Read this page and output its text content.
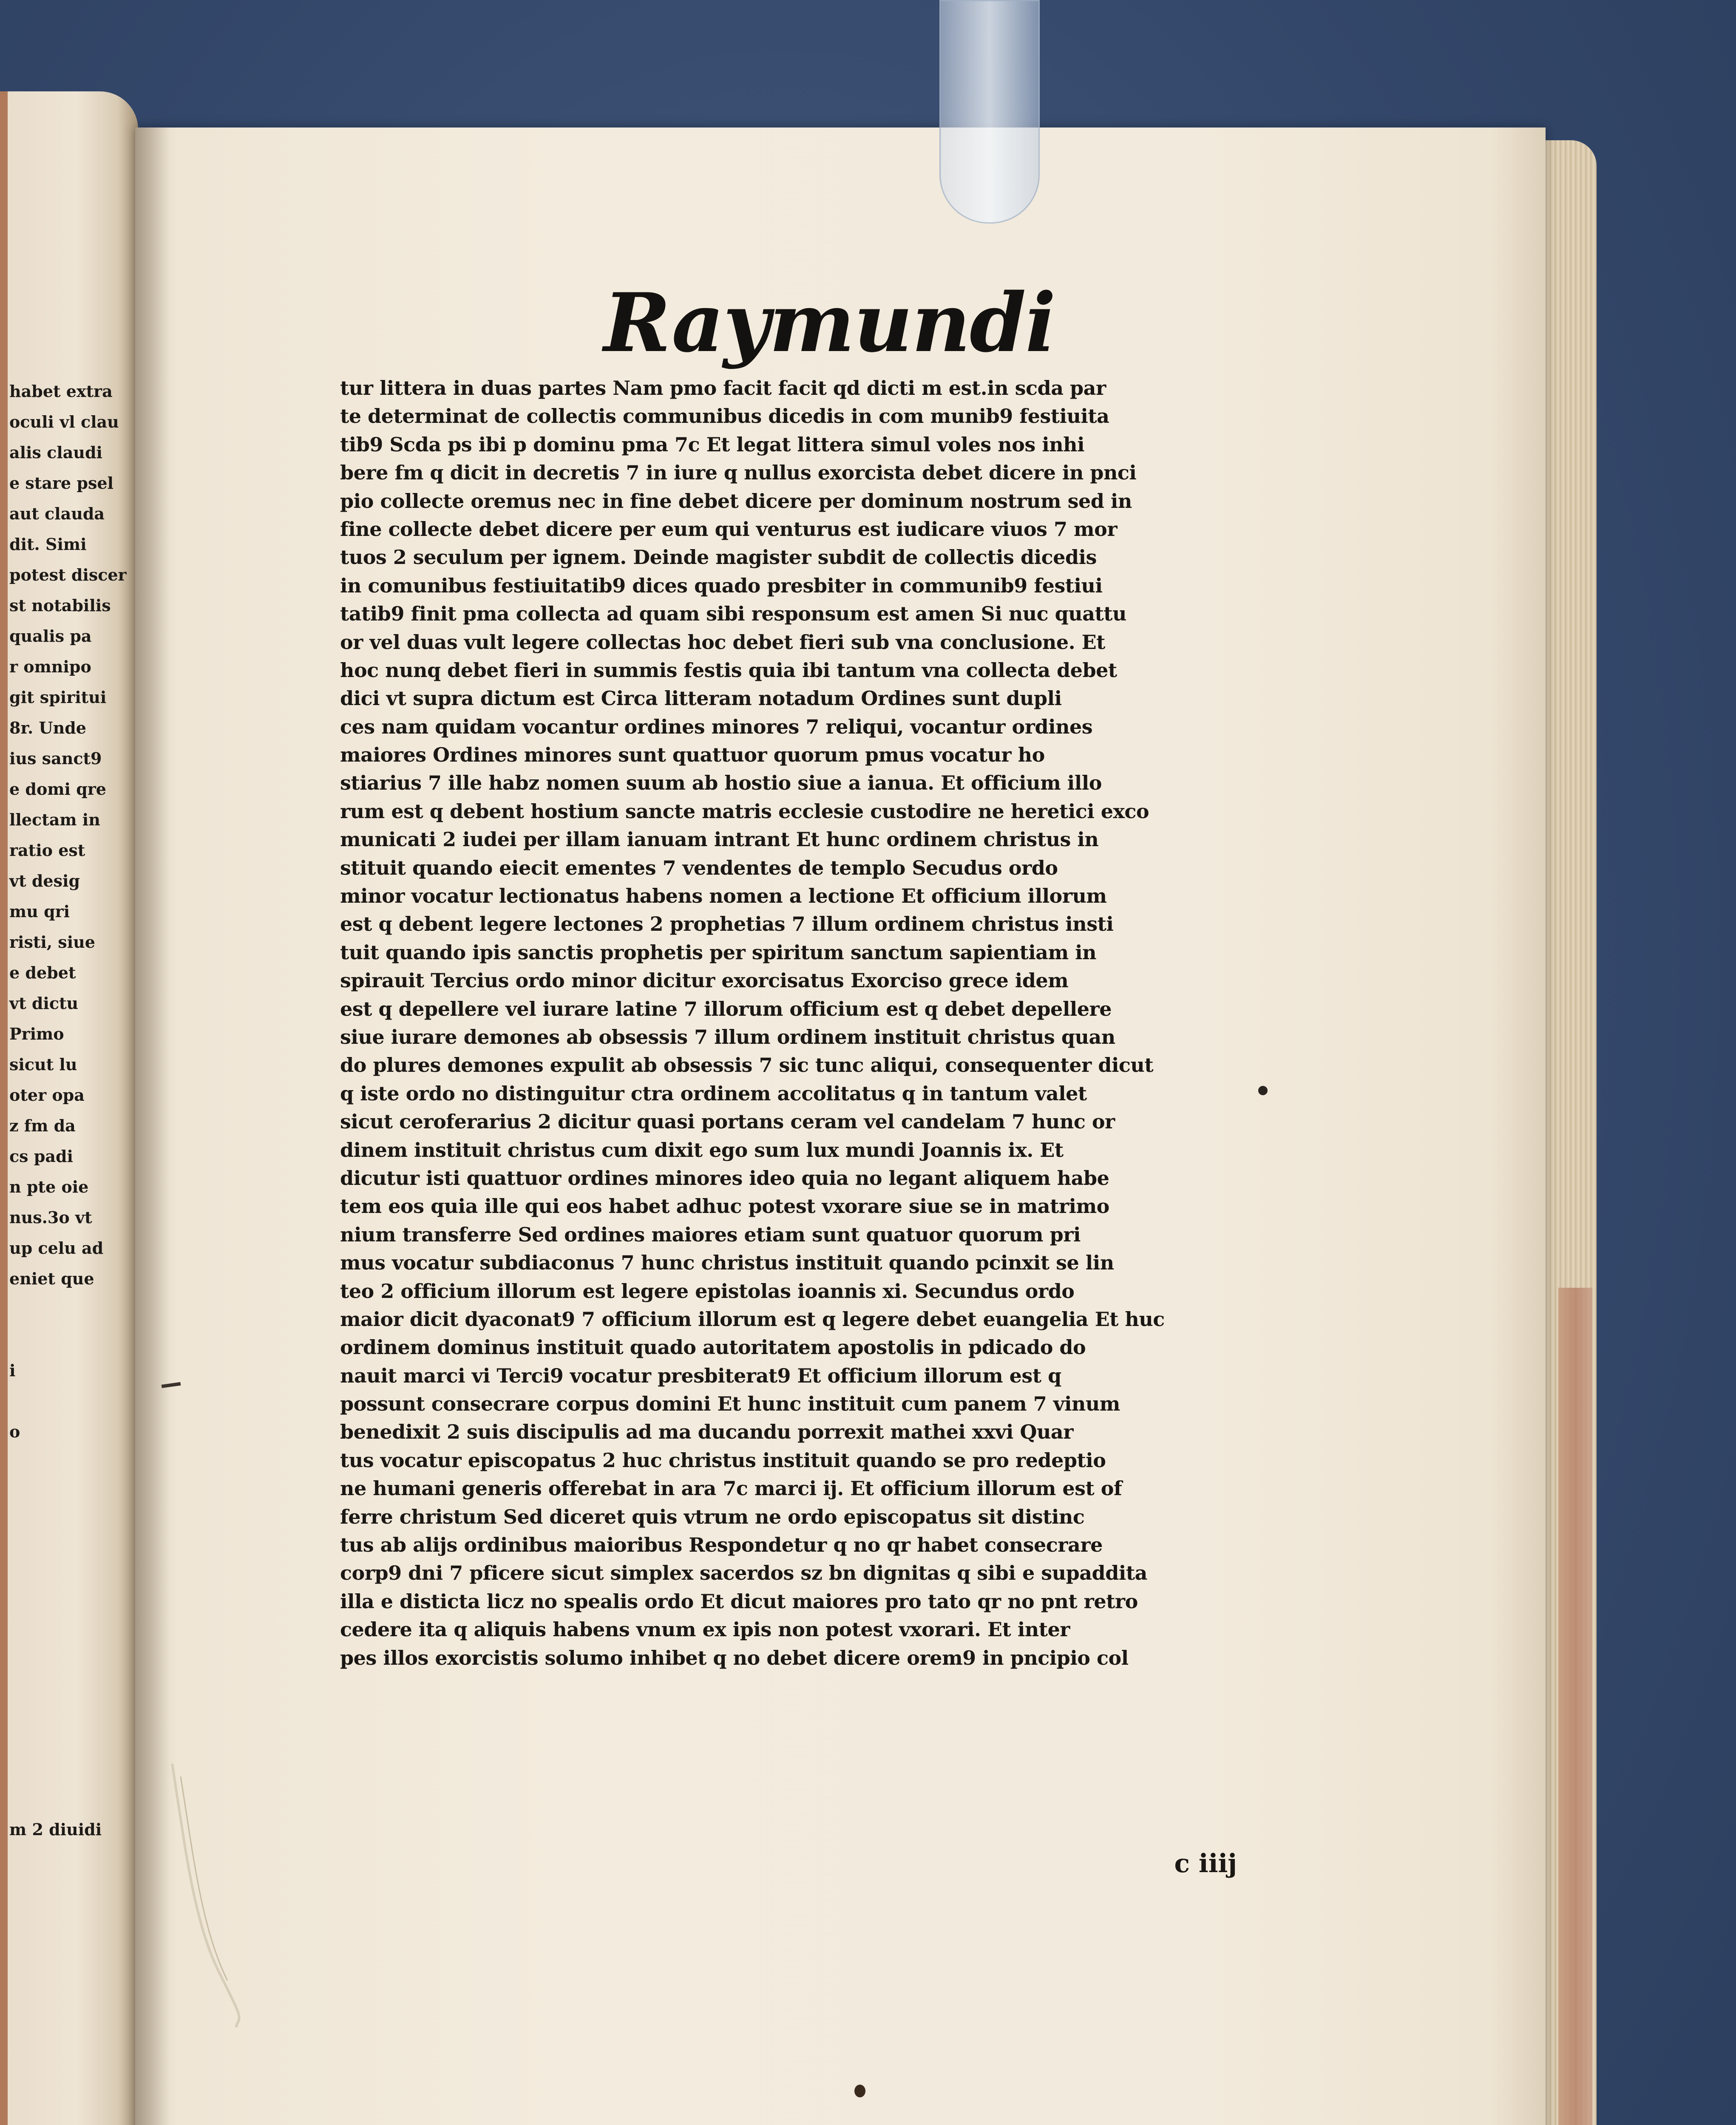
habet extra
oculi vl clau
alis claudi
e stare psel
aut clauda
dit. Simi
potest discer
st notabilis
qualis pa
r omnipo
git spiritui
8r. Unde
ius sanct9
e domi qre
llectam in
ratio est
vt desig
mu qri
risti, siue
e debet
vt dictu
Primo
sicut lu
oter opa
z fm da
cs padi
n pte oie
nus.3o vt
up celu ad
eniet que
i
o
m 2 diuidi
Raymundi
tur littera in duas partes Nam pmo facit facit qd dicti m est.in scda par
te determinat de collectis communibus dicedis in com munib9 festiuita
tib9 Scda ps ibi p dominu pma 7c Et legat littera simul voles nos inhi
bere fm q dicit in decretis 7 in iure q nullus exorcista debet dicere in pnci
pio collecte oremus nec in fine debet dicere per dominum nostrum sed in
fine collecte debet dicere per eum qui venturus est iudicare viuos 7 mor
tuos 2 seculum per ignem. Deinde magister subdit de collectis dicedis
in comunibus festiuitatib9 dices quado presbiter in communib9 festiui
tatib9 finit pma collecta ad quam sibi responsum est amen Si nuc quattu
or vel duas vult legere collectas hoc debet fieri sub vna conclusione. Et
hoc nunq debet fieri in summis festis quia ibi tantum vna collecta debet
dici vt supra dictum est Circa litteram notadum Ordines sunt dupli
ces nam quidam vocantur ordines minores 7 reliqui, vocantur ordines
maiores Ordines minores sunt quattuor quorum pmus vocatur ho
stiarius 7 ille habz nomen suum ab hostio siue a ianua. Et officium illo
rum est q debent hostium sancte matris ecclesie custodire ne heretici exco
municati 2 iudei per illam ianuam intrant Et hunc ordinem christus in
stituit quando eiecit ementes 7 vendentes de templo Secudus ordo
minor vocatur lectionatus habens nomen a lectione Et officium illorum
est q debent legere lectones 2 prophetias 7 illum ordinem christus insti
tuit quando ipis sanctis prophetis per spiritum sanctum sapientiam in
spirauit Tercius ordo minor dicitur exorcisatus Exorciso grece idem
est q depellere vel iurare latine 7 illorum officium est q debet depellere
siue iurare demones ab obsessis 7 illum ordinem instituit christus quan
do plures demones expulit ab obsessis 7 sic tunc aliqui, consequenter dicut
q iste ordo no distinguitur ctra ordinem accolitatus q in tantum valet
sicut ceroferarius 2 dicitur quasi portans ceram vel candelam 7 hunc or
dinem instituit christus cum dixit ego sum lux mundi Joannis ix. Et
dicutur isti quattuor ordines minores ideo quia no legant aliquem habe
tem eos quia ille qui eos habet adhuc potest vxorare siue se in matrimo
nium transferre Sed ordines maiores etiam sunt quatuor quorum pri
mus vocatur subdiaconus 7 hunc christus instituit quando pcinxit se lin
teo 2 officium illorum est legere epistolas ioannis xi. Secundus ordo
maior dicit dyaconat9 7 officium illorum est q legere debet euangelia Et huc
ordinem dominus instituit quado autoritatem apostolis in pdicado do
nauit marci vi Terci9 vocatur presbiterat9 Et officium illorum est q
possunt consecrare corpus domini Et hunc instituit cum panem 7 vinum
benedixit 2 suis discipulis ad ma ducandu porrexit mathei xxvi Quar
tus vocatur episcopatus 2 huc christus instituit quando se pro redeptio
ne humani generis offerebat in ara 7c marci ij. Et officium illorum est of
ferre christum Sed diceret quis vtrum ne ordo episcopatus sit distinc
tus ab alijs ordinibus maioribus Respondetur q no qr habet consecrare
corp9 dni 7 pficere sicut simplex sacerdos sz bn dignitas q sibi e supaddita
illa e disticta licz no spealis ordo Et dicut maiores pro tato qr no pnt retro
cedere ita q aliquis habens vnum ex ipis non potest vxorari. Et inter
pes illos exorcistis solumo inhibet q no debet dicere orem9 in pncipio col
c iiij
